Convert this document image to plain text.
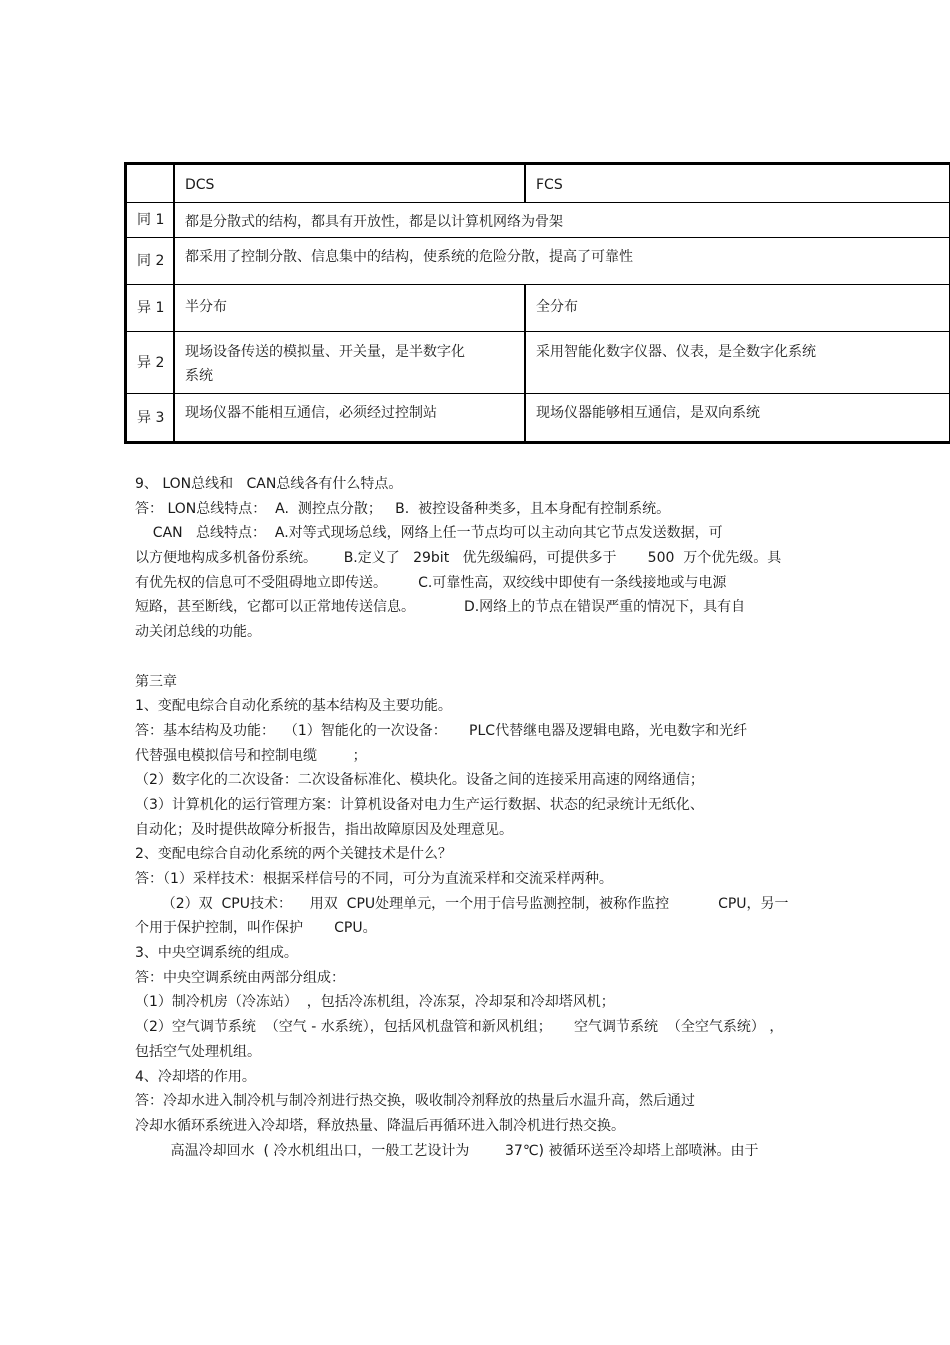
	DCS	FCS
同 1	都是分散式的结构，都具有开放性，都是以计算机网络为骨架	
同 2	都采用了控制分散、信息集中的结构，使系统的危险分散，提高了可靠性	
异 1	半分布	全分布
异 2	现场设备传送的模拟量、开关量，是半数字化系统	采用智能化数字仪器、仪表，是全数字化系统
异 3	现场仪器不能相互通信，必须经过控制站	现场仪器能够相互通信，是双向系统
9、 LON总线和   CAN总线各有什么特点。
答： LON总线特点：  A.  测控点分散；   B.  被控设备种类多，且本身配有控制系统。
CAN   总线特点：  A.对等式现场总线，网络上任一节点均可以主动向其它节点发送数据，可
以方便地构成多机备份系统。      B.定义了   29bit   优先级编码，可提供多于       500  万个优先级。具
有优先权的信息可不受阻碍地立即传送。       C.可靠性高，双绞线中即使有一条线接地或与电源
短路，甚至断线，它都可以正常地传送信息。           D.网络上的节点在错误严重的情况下，具有自
动关闭总线的功能。
第三章
1、变配电综合自动化系统的基本结构及主要功能。
答：基本结构及功能：  （1）智能化的一次设备：     PLC代替继电器及逻辑电路，光电数字和光纤
代替强电模拟信号和控制电缆        ；
（2）数字化的二次设备：二次设备标准化、模块化。设备之间的连接采用高速的网络通信；
（3）计算机化的运行管理方案：计算机设备对电力生产运行数据、状态的纪录统计无纸化、
自动化；及时提供故障分析报告，指出故障原因及处理意见。
2、变配电综合自动化系统的两个关键技术是什么？
答：（1）采样技术：根据采样信号的不同，可分为直流采样和交流采样两种。
（2）双  CPU技术：    用双  CPU处理单元，一个用于信号监测控制，被称作监控           CPU，另一
个用于保护控制，叫作保护       CPU。
3、中央空调系统的组成。
答：中央空调系统由两部分组成：
（1）制冷机房（冷冻站）  ，包括冷冻机组，冷冻泵，冷却泵和冷却塔风机；
（2）空气调节系统  （空气 - 水系统），包括风机盘管和新风机组；     空气调节系统  （全空气系统） ，
包括空气处理机组。
4、冷却塔的作用。
答：冷却水进入制冷机与制冷剂进行热交换，吸收制冷剂释放的热量后水温升高，然后通过
冷却水循环系统进入冷却塔，释放热量、降温后再循环进入制冷机进行热交换。
高温冷却回水  ( 冷水机组出口，一般工艺设计为        37℃) 被循环送至冷却塔上部喷淋。由于
